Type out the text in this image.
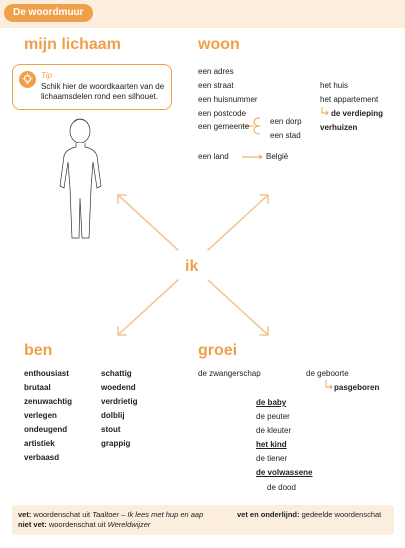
De woordmuur
mijn lichaam
Tip
Schik hier de woordkaarten van de lichaamsdelen rond een silhouet.
woon
een adres
een straat
een huisnummer
een postcode
een gemeente
een dorp
een stad
een land	België
het huis
het appartement
de verdieping
verhuizen
ik
ben
enthousiast
brutaal
zenuwachtig
verlegen
ondeugend
artistiek
verbaasd
schattig
woedend
verdrietig
dolblij
stout
grappig
groei
de zwangerschap	de geboorte
pasgeboren
de baby
de peuter
de kleuter
het kind
de tiener
de volwassene
de dood
vet: woordenschat uit Taaltoer – Ik lees met hup en aap
niet vet: woordenschat uit Wereldwijzer
vet en onderlijnd: gedeelde woordenschat
